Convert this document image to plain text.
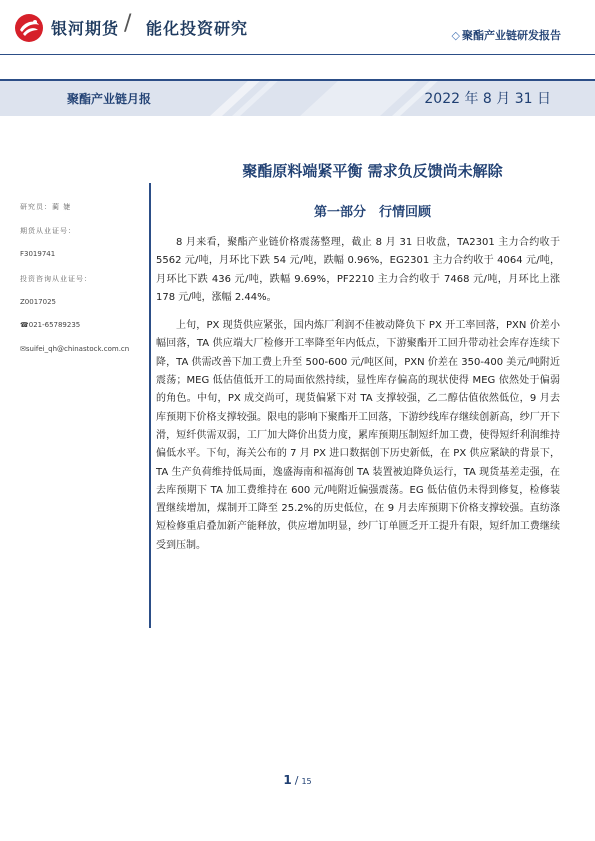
银河期货 / 能化投资研究	◇ 聚酯产业链研发报告
聚酯产业链月报	2022 年 8 月 31 日
聚酯原料端紧平衡 需求负反馈尚未解除
研究员：蔺 婕
期货从业证号：
F3019741
投资咨询从业证号：
Z0017025
☎021-65789235
✉suifei_qh@chinastock.com.cn
第一部分　行情回顾

8 月来看，聚酯产业链价格震荡整理，截止 8 月 31 日收盘，TA2301 主力合约收于 5562 元/吨，月环比下跌 54 元/吨，跌幅 0.96%，EG2301 主力合约收于 4064 元/吨，月环比下跌 436 元/吨，跌幅 9.69%，PF2210 主力合约收于 7468 元/吨，月环比上涨 178 元/吨，涨幅 2.44%。

上旬，PX 现货供应紧张，国内炼厂利润不佳被动降负下 PX 开工率回落，PXN 价差小幅回落，TA 供应端大厂检修开工率降至年内低点，下游聚酯开工回升带动社会库存连续下降，TA 供需改善下加工费上升至 500-600 元/吨区间，PXN 价差在 350-400 美元/吨附近震荡；MEG 低估值低开工的局面依然持续，显性库存偏高的现状使得 MEG 依然处于偏弱的角色。中旬，PX 成交尚可，现货偏紧下对 TA 支撑较强，乙二醇估值依然低位，9 月去库预期下价格支撑较强。限电的影响下聚酯开工回落，下游纱线库存继续创新高，纱厂开下滑，短纤供需双弱，工厂加大降价出货力度，累库预期压制短纤加工费，使得短纤利润维持偏低水平。下旬，海关公布的 7 月 PX 进口数据创下历史新低，在 PX 供应紧缺的背景下，TA 生产负荷维持低局面，逸盛海南和福海创 TA 装置被迫降负运行，TA 现货基差走强，在去库预期下 TA 加工费维持在 600 元/吨附近偏强震荡。EG 低估值仍未得到修复，检修装置继续增加，煤制开工降至 25.2%的历史低位，在 9 月去库预期下价格支撑较强。直纺涤短检修重启叠加新产能释放，供应增加明显，纱厂订单匮乏开工提升有限，短纤加工费继续受到压制。

1 / 15
